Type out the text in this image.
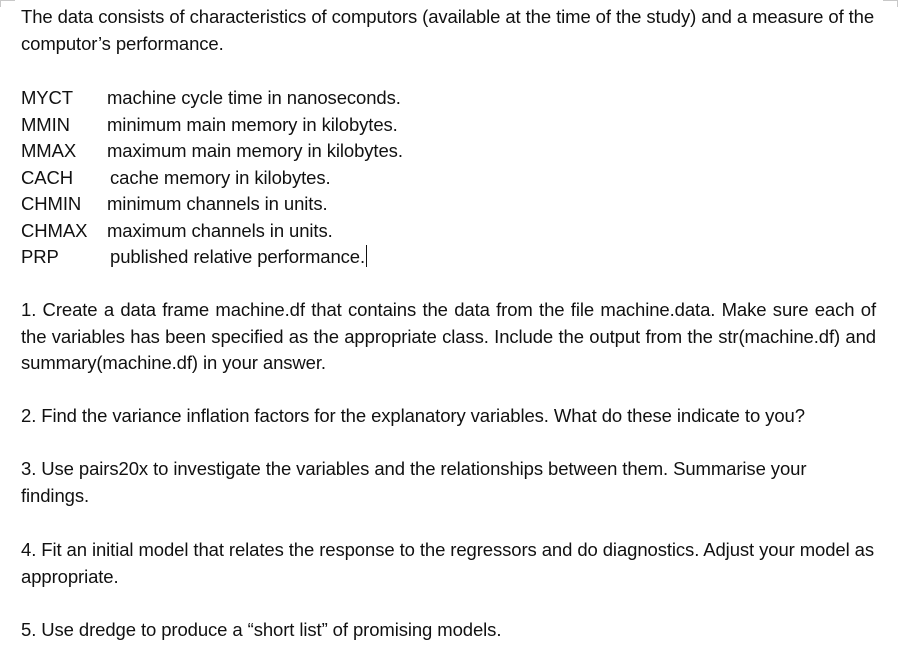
The data consists of characteristics of computors (available at the time of the study) and a measure of the computor’s performance.
MYCT machine cycle time in nanoseconds.
MMIN minimum main memory in kilobytes.
MMAX maximum main memory in kilobytes.
CACH cache memory in kilobytes.
CHMIN minimum channels in units.
CHMAX maximum channels in units.
PRP	published relative performance.
1. Create a data frame machine.df that contains the data from the file machine.data. Make sure each of the variables has been specified as the appropriate class. Include the output from the str(machine.df) and summary(machine.df) in your answer.
2. Find the variance inflation factors for the explanatory variables. What do these indicate to you?
3. Use pairs20x to investigate the variables and the relationships between them. Summarise your findings.
4. Fit an initial model that relates the response to the regressors and do diagnostics. Adjust your model as appropriate.
5. Use dredge to produce a “short list” of promising models.
